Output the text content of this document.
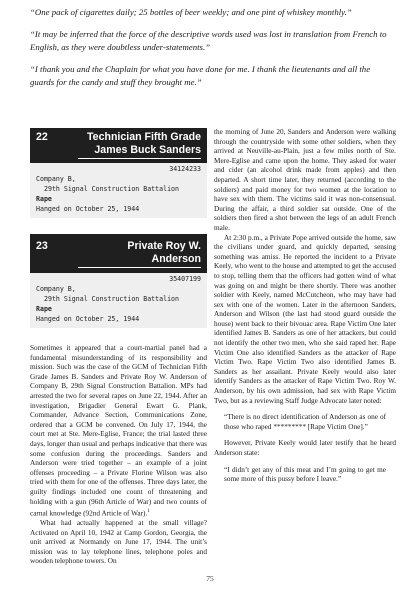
“One pack of cigarettes daily; 25 bottles of beer weekly; and one pint of whiskey monthly.”

“It may be inferred that the force of the descriptive words used was lost in translation from French to English, as they were doubtless under-statements.”

“I thank you and the Chaplain for what you have done for me. I thank the lieutenants and all the guards for the candy and stuff they brought me.”

22	Technician Fifth Grade
James Buck Sanders
34124233
Company B,
29th Signal Construction Battalion
Rape
Hanged on October 25, 1944
23	Private Roy W. Anderson
35407199
Company B,
29th Signal Construction Battalion
Rape
Hanged on October 25, 1944

Sometimes it appeared that a court-martial panel had a fundamental misunderstanding of its responsibility and mission. Such was the case of the GCM of Technician Fifth Grade James B. Sanders and Private Roy W. Anderson of Company B, 29th Signal Construction Battalion. MPs had arrested the two for several rapes on June 22, 1944. After an investigation, Brigadier General Ewart G. Plank, Commander, Advance Section, Communications Zone, ordered that a GCM be convened. On July 17, 1944, the court met at Ste. Mere-Eglise, France; the trial lasted three days, longer than usual and perhaps indicative that there was some confusion during the proceedings. Sanders and Anderson were tried together – an example of a joint offenses proceeding – a Private Florine Wilson was also tried with them for one of the offenses. Three days later, the guilty findings included one count of threatening and holding with a gun (96th Article of War) and two counts of carnal knowledge (92nd Article of War).$^1$

What had actually happened at the small village? Activated on April 10, 1942 at Camp Gordon, Georgia, the unit arrived at Normandy on June 17, 1944. The unit’s mission was to lay telephone lines, telephone poles and wooden telephone towers. On

the morning of June 20, Sanders and Anderson were walking through the countryside with some other soldiers, when they arrived at Neuville-au-Plain, just a few miles north of Ste. Mere-Eglise and came upon the home. They asked for water and cider (an alcohol drink made from apples) and then departed. A short time later, they returned (according to the soldiers) and paid money for two women at the location to have sex with them. The victims said it was non-consensual. During the affair, a third soldier sat outside. One of the soldiers then fired a shot between the legs of an adult French male.

At 2:30 p.m., a Private Pope arrived outside the home, saw the civilians under guard, and quickly departed, sensing something was amiss. He reported the incident to a Private Keely, who went to the house and attempted to get the accused to stop, telling them that the officers had gotten wind of what was going on and might be there shortly. There was another soldier with Keely, named McCutcheon, who may have had sex with one of the women. Later in the afternoon Sanders, Anderson and Wilson (the last had stood guard outside the house) went back to their bivouac area. Rape Victim One later identified James B. Sanders as one of her attackers, but could not identify the other two men, who she said raped her. Rape Victim One also identified Sanders as the attacker of Rape Victim Two. Rape Victim Two also identified James B. Sanders as her assailant. Private Keely would also later identify Sanders as the attacker of Rape Victim Two. Roy W. Anderson, by his own admission, had sex with Rape Victim Two, but as a reviewing Staff Judge Advocate later noted:

“There is no direct identification of Anderson as one of those who raped ********* [Rape Victim One].”

However, Private Keely would later testify that he heard Anderson state:

“I didn’t get any of this meat and I’m going to get me some more of this pussy before I leave.”
75
